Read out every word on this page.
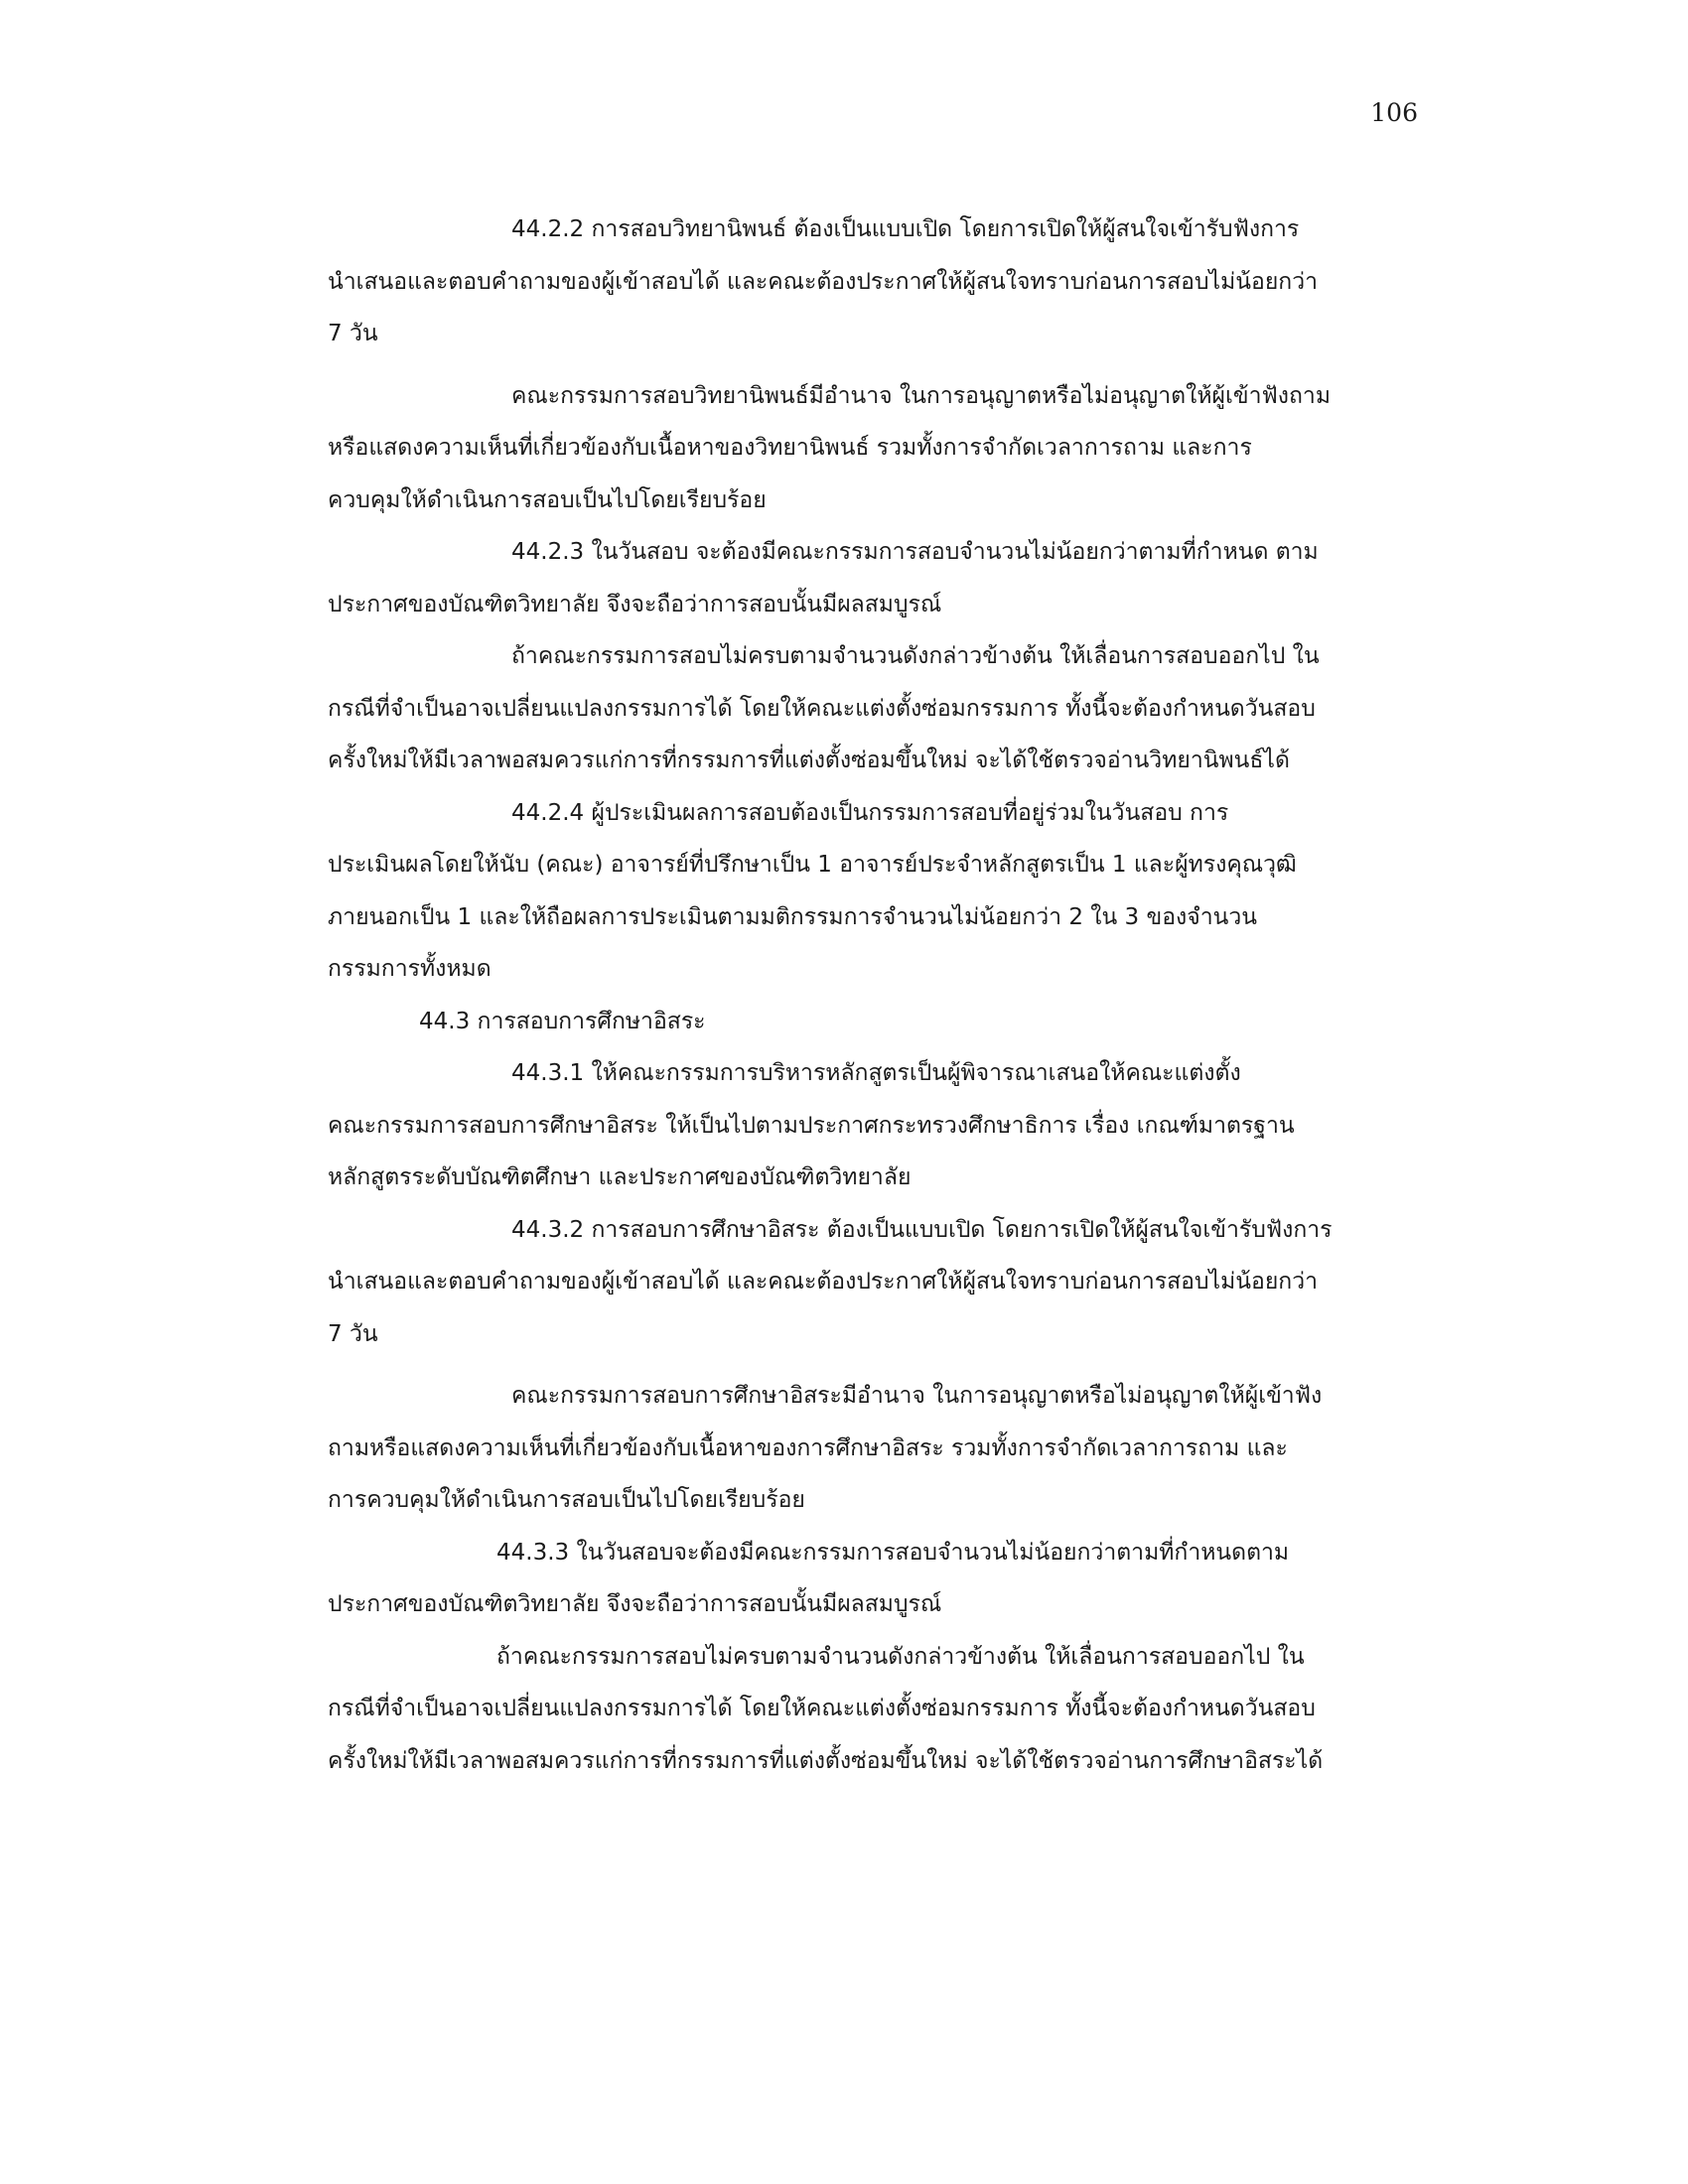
106
44.2.2 การสอบวิทยานิพนธ์ ต้องเป็นแบบเปิด โดยการเปิดให้ผู้สนใจเข้ารับฟังการ
นำเสนอและตอบคำถามของผู้เข้าสอบได้ และคณะต้องประกาศให้ผู้สนใจทราบก่อนการสอบไม่น้อยกว่า
7 วัน
คณะกรรมการสอบวิทยานิพนธ์มีอำนาจ ในการอนุญาตหรือไม่อนุญาตให้ผู้เข้าฟังถาม
หรือแสดงความเห็นที่เกี่ยวข้องกับเนื้อหาของวิทยานิพนธ์ รวมทั้งการจำกัดเวลาการถาม และการ
ควบคุมให้ดำเนินการสอบเป็นไปโดยเรียบร้อย
44.2.3 ในวันสอบ จะต้องมีคณะกรรมการสอบจำนวนไม่น้อยกว่าตามที่กำหนด ตาม
ประกาศของบัณฑิตวิทยาลัย จึงจะถือว่าการสอบนั้นมีผลสมบูรณ์
ถ้าคณะกรรมการสอบไม่ครบตามจำนวนดังกล่าวข้างต้น ให้เลื่อนการสอบออกไป ใน
กรณีที่จำเป็นอาจเปลี่ยนแปลงกรรมการได้ โดยให้คณะแต่งตั้งซ่อมกรรมการ ทั้งนี้จะต้องกำหนดวันสอบ
ครั้งใหม่ให้มีเวลาพอสมควรแก่การที่กรรมการที่แต่งตั้งซ่อมขึ้นใหม่ จะได้ใช้ตรวจอ่านวิทยานิพนธ์ได้
44.2.4 ผู้ประเมินผลการสอบต้องเป็นกรรมการสอบที่อยู่ร่วมในวันสอบ การ
ประเมินผลโดยให้นับ (คณะ) อาจารย์ที่ปรึกษาเป็น 1 อาจารย์ประจำหลักสูตรเป็น 1 และผู้ทรงคุณวุฒิ
ภายนอกเป็น 1 และให้ถือผลการประเมินตามมติกรรมการจำนวนไม่น้อยกว่า 2 ใน 3 ของจำนวน
กรรมการทั้งหมด
44.3 การสอบการศึกษาอิสระ
44.3.1 ให้คณะกรรมการบริหารหลักสูตรเป็นผู้พิจารณาเสนอให้คณะแต่งตั้ง
คณะกรรมการสอบการศึกษาอิสระ ให้เป็นไปตามประกาศกระทรวงศึกษาธิการ เรื่อง เกณฑ์มาตรฐาน
หลักสูตรระดับบัณฑิตศึกษา และประกาศของบัณฑิตวิทยาลัย
44.3.2 การสอบการศึกษาอิสระ ต้องเป็นแบบเปิด โดยการเปิดให้ผู้สนใจเข้ารับฟังการ
นำเสนอและตอบคำถามของผู้เข้าสอบได้ และคณะต้องประกาศให้ผู้สนใจทราบก่อนการสอบไม่น้อยกว่า
7 วัน
คณะกรรมการสอบการศึกษาอิสระมีอำนาจ ในการอนุญาตหรือไม่อนุญาตให้ผู้เข้าฟัง
ถามหรือแสดงความเห็นที่เกี่ยวข้องกับเนื้อหาของการศึกษาอิสระ รวมทั้งการจำกัดเวลาการถาม และ
การควบคุมให้ดำเนินการสอบเป็นไปโดยเรียบร้อย
44.3.3 ในวันสอบจะต้องมีคณะกรรมการสอบจำนวนไม่น้อยกว่าตามที่กำหนดตาม
ประกาศของบัณฑิตวิทยาลัย จึงจะถือว่าการสอบนั้นมีผลสมบูรณ์
ถ้าคณะกรรมการสอบไม่ครบตามจำนวนดังกล่าวข้างต้น ให้เลื่อนการสอบออกไป ใน
กรณีที่จำเป็นอาจเปลี่ยนแปลงกรรมการได้ โดยให้คณะแต่งตั้งซ่อมกรรมการ ทั้งนี้จะต้องกำหนดวันสอบ
ครั้งใหม่ให้มีเวลาพอสมควรแก่การที่กรรมการที่แต่งตั้งซ่อมขึ้นใหม่ จะได้ใช้ตรวจอ่านการศึกษาอิสระได้
